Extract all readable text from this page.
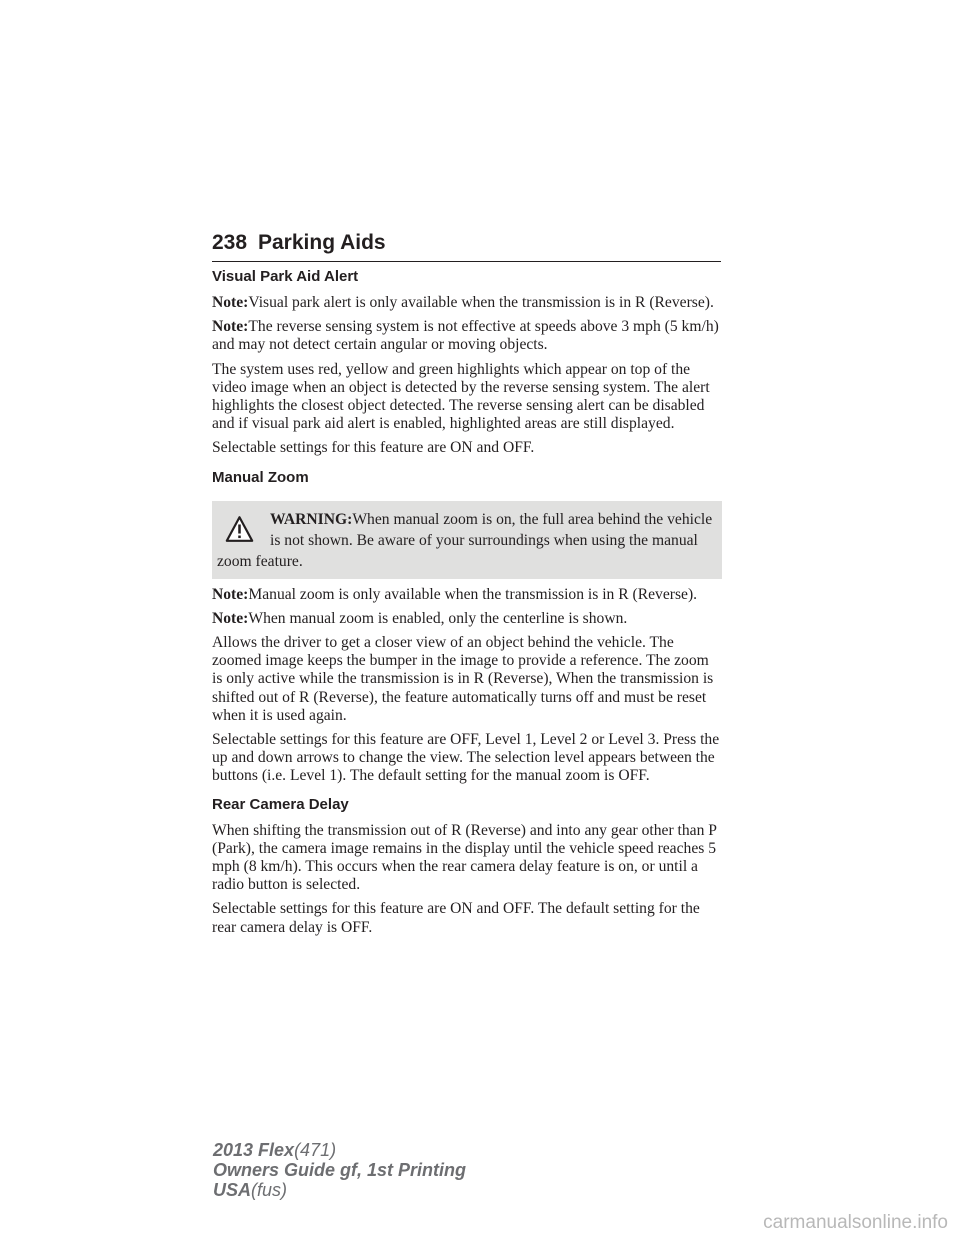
238 Parking Aids
Visual Park Aid Alert

Note:Visual park alert is only available when the transmission is in R (Reverse).

Note:The reverse sensing system is not effective at speeds above 3 mph (5 km/h) and may not detect certain angular or moving objects.

The system uses red, yellow and green highlights which appear on top of the video image when an object is detected by the reverse sensing system. The alert highlights the closest object detected. The reverse sensing alert can be disabled and if visual park aid alert is enabled, highlighted areas are still displayed.

Selectable settings for this feature are ON and OFF.

Manual Zoom
WARNING:When manual zoom is on, the full area behind the vehicle is not shown. Be aware of your surroundings when using the manual zoom feature.

Note:Manual zoom is only available when the transmission is in R (Reverse).

Note:When manual zoom is enabled, only the centerline is shown.

Allows the driver to get a closer view of an object behind the vehicle. The zoomed image keeps the bumper in the image to provide a reference. The zoom is only active while the transmission is in R (Reverse), When the transmission is shifted out of R (Reverse), the feature automatically turns off and must be reset when it is used again.

Selectable settings for this feature are OFF, Level 1, Level 2 or Level 3. Press the up and down arrows to change the view. The selection level appears between the buttons (i.e. Level 1). The default setting for the manual zoom is OFF.

Rear Camera Delay

When shifting the transmission out of R (Reverse) and into any gear other than P (Park), the camera image remains in the display until the vehicle speed reaches 5 mph (8 km/h). This occurs when the rear camera delay feature is on, or until a radio button is selected.

Selectable settings for this feature are ON and OFF. The default setting for the rear camera delay is OFF.

2013 Flex(471)
Owners Guide gf, 1st Printing
USA(fus)
carmanualsonline.info
